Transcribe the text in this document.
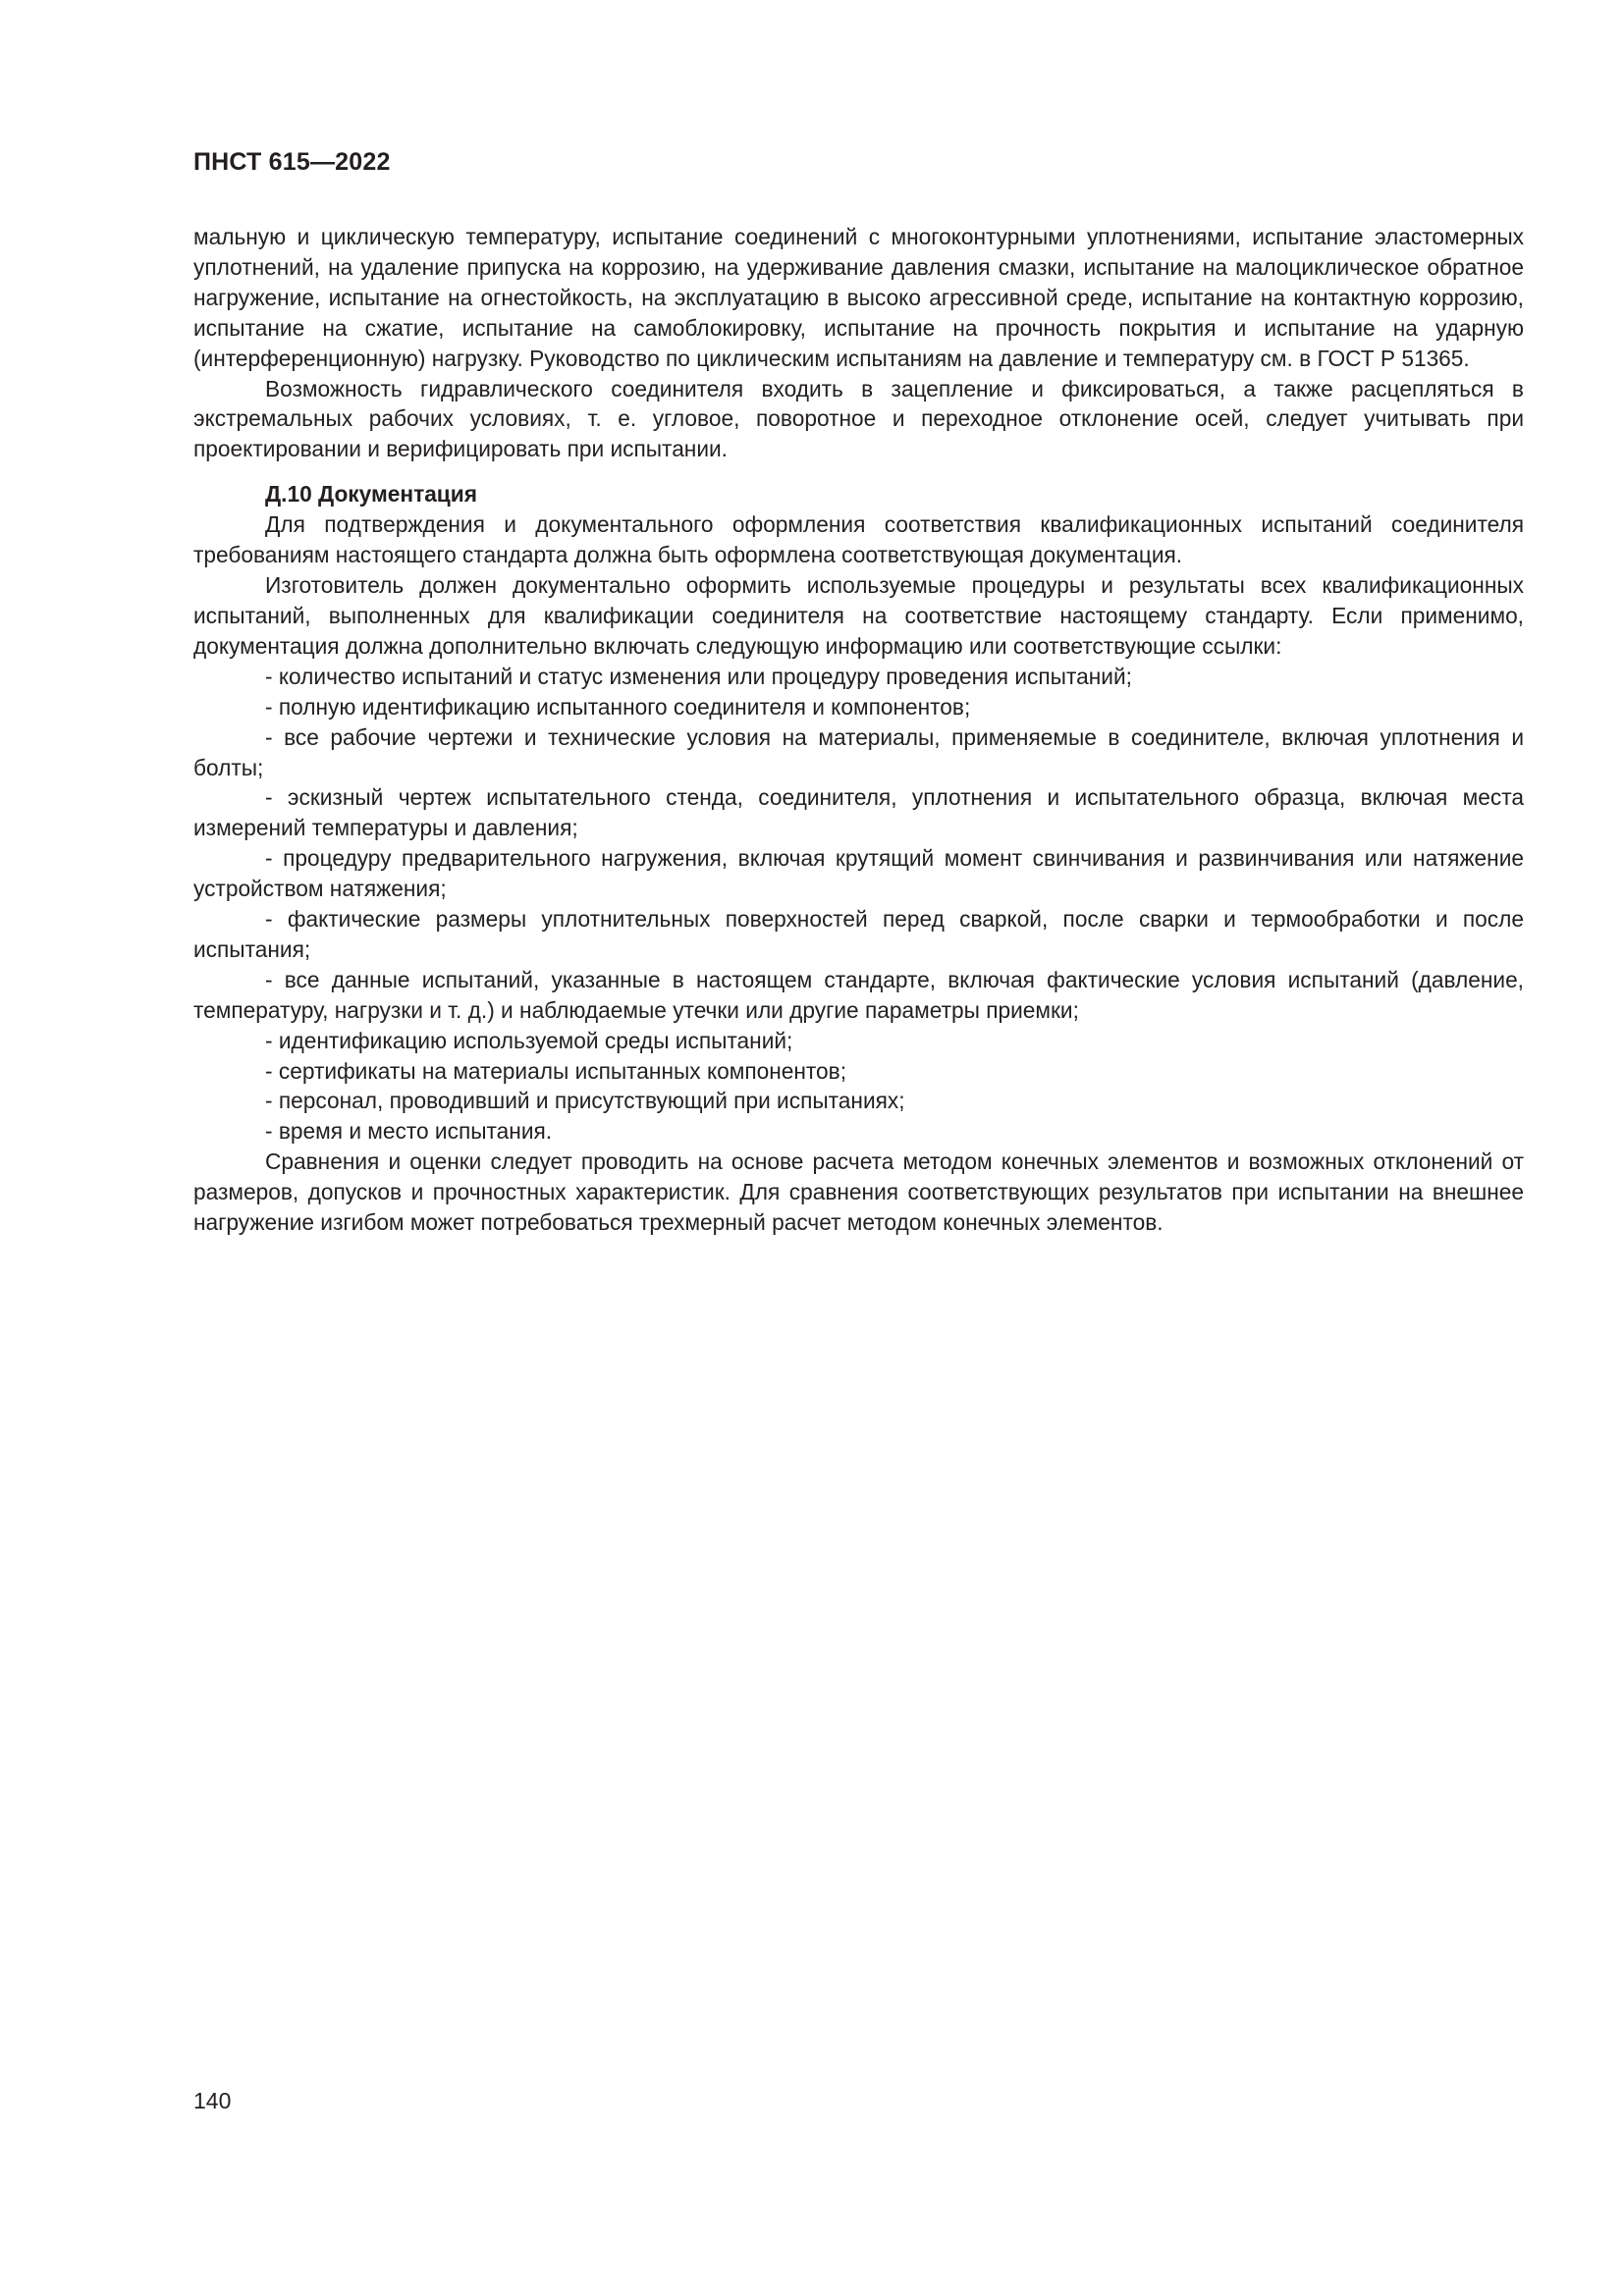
ПНСТ 615—2022

мальную и циклическую температуру, испытание соединений с многоконтурными уплотнениями, испытание эластомерных уплотнений, на удаление припуска на коррозию, на удерживание давления смазки, испытание на малоциклическое обратное нагружение, испытание на огнестойкость, на эксплуатацию в высоко агрессивной среде, испытание на контактную коррозию, испытание на сжатие, испытание на самоблокировку, испытание на прочность покрытия и испытание на ударную (интерференционную) нагрузку. Руководство по циклическим испытаниям на давление и температуру см. в ГОСТ Р 51365.

Возможность гидравлического соединителя входить в зацепление и фиксироваться, а также расцепляться в экстремальных рабочих условиях, т. е. угловое, поворотное и переходное отклонение осей, следует учитывать при проектировании и верифицировать при испытании.

Д.10 Документация

Для подтверждения и документального оформления соответствия квалификационных испытаний соединителя требованиям настоящего стандарта должна быть оформлена соответствующая документация.

Изготовитель должен документально оформить используемые процедуры и результаты всех квалификационных испытаний, выполненных для квалификации соединителя на соответствие настоящему стандарту. Если применимо, документация должна дополнительно включать следующую информацию или соответствующие ссылки:

- количество испытаний и статус изменения или процедуру проведения испытаний;

- полную идентификацию испытанного соединителя и компонентов;

- все рабочие чертежи и технические условия на материалы, применяемые в соединителе, включая уплотнения и болты;

- эскизный чертеж испытательного стенда, соединителя, уплотнения и испытательного образца, включая места измерений температуры и давления;

- процедуру предварительного нагружения, включая крутящий момент свинчивания и развинчивания или натяжение устройством натяжения;

- фактические размеры уплотнительных поверхностей перед сваркой, после сварки и термообработки и после испытания;

- все данные испытаний, указанные в настоящем стандарте, включая фактические условия испытаний (давление, температуру, нагрузки и т. д.) и наблюдаемые утечки или другие параметры приемки;

- идентификацию используемой среды испытаний;

- сертификаты на материалы испытанных компонентов;

- персонал, проводивший и присутствующий при испытаниях;

- время и место испытания.

Сравнения и оценки следует проводить на основе расчета методом конечных элементов и возможных отклонений от размеров, допусков и прочностных характеристик. Для сравнения соответствующих результатов при испытании на внешнее нагружение изгибом может потребоваться трехмерный расчет методом конечных элементов.

140
